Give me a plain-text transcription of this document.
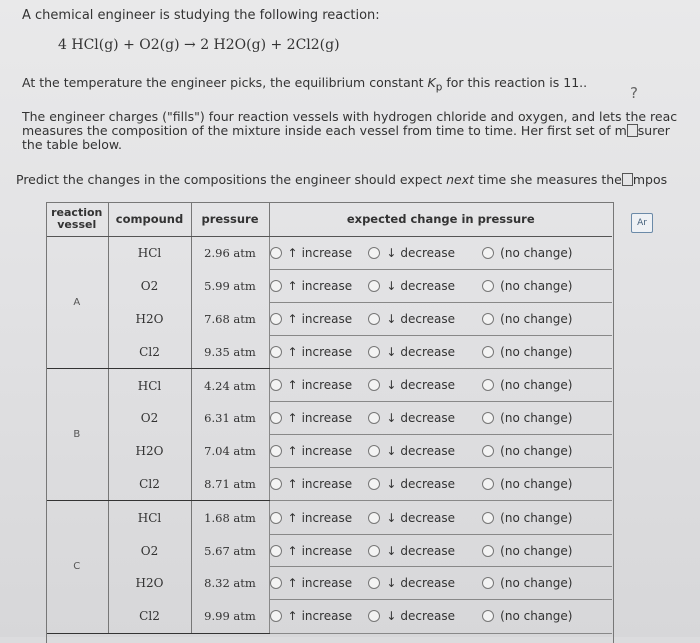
A chemical engineer is studying the following reaction:
4 HCl(g) + O2(g) → 2 H2O(g) + 2Cl2(g)
At the temperature the engineer picks, the equilibrium constant $K_p$ for this reaction is 11..
?
The engineer charges ("fills") four reaction vessels with hydrogen chloride and oxygen, and lets the reac
measures the composition of the mixture inside each vessel from time to time. Her first set of m surer
the table below.
Predict the changes in the compositions the engineer should expect next time she measures the mpos
Ar
reaction vessel	compound	pressure	expected change in pressure
A	HCl	2.96 atm	↑ increase ↓ decrease (no change)
	O2	5.99 atm	↑ increase ↓ decrease (no change)
	H2O	7.68 atm	↑ increase ↓ decrease (no change)
	Cl2	9.35 atm	↑ increase ↓ decrease (no change)
B	HCl	4.24 atm	↑ increase ↓ decrease (no change)
	O2	6.31 atm	↑ increase ↓ decrease (no change)
	H2O	7.04 atm	↑ increase ↓ decrease (no change)
	Cl2	8.71 atm	↑ increase ↓ decrease (no change)
C	HCl	1.68 atm	↑ increase ↓ decrease (no change)
	O2	5.67 atm	↑ increase ↓ decrease (no change)
	H2O	8.32 atm	↑ increase ↓ decrease (no change)
	Cl2	9.99 atm	↑ increase ↓ decrease (no change)
